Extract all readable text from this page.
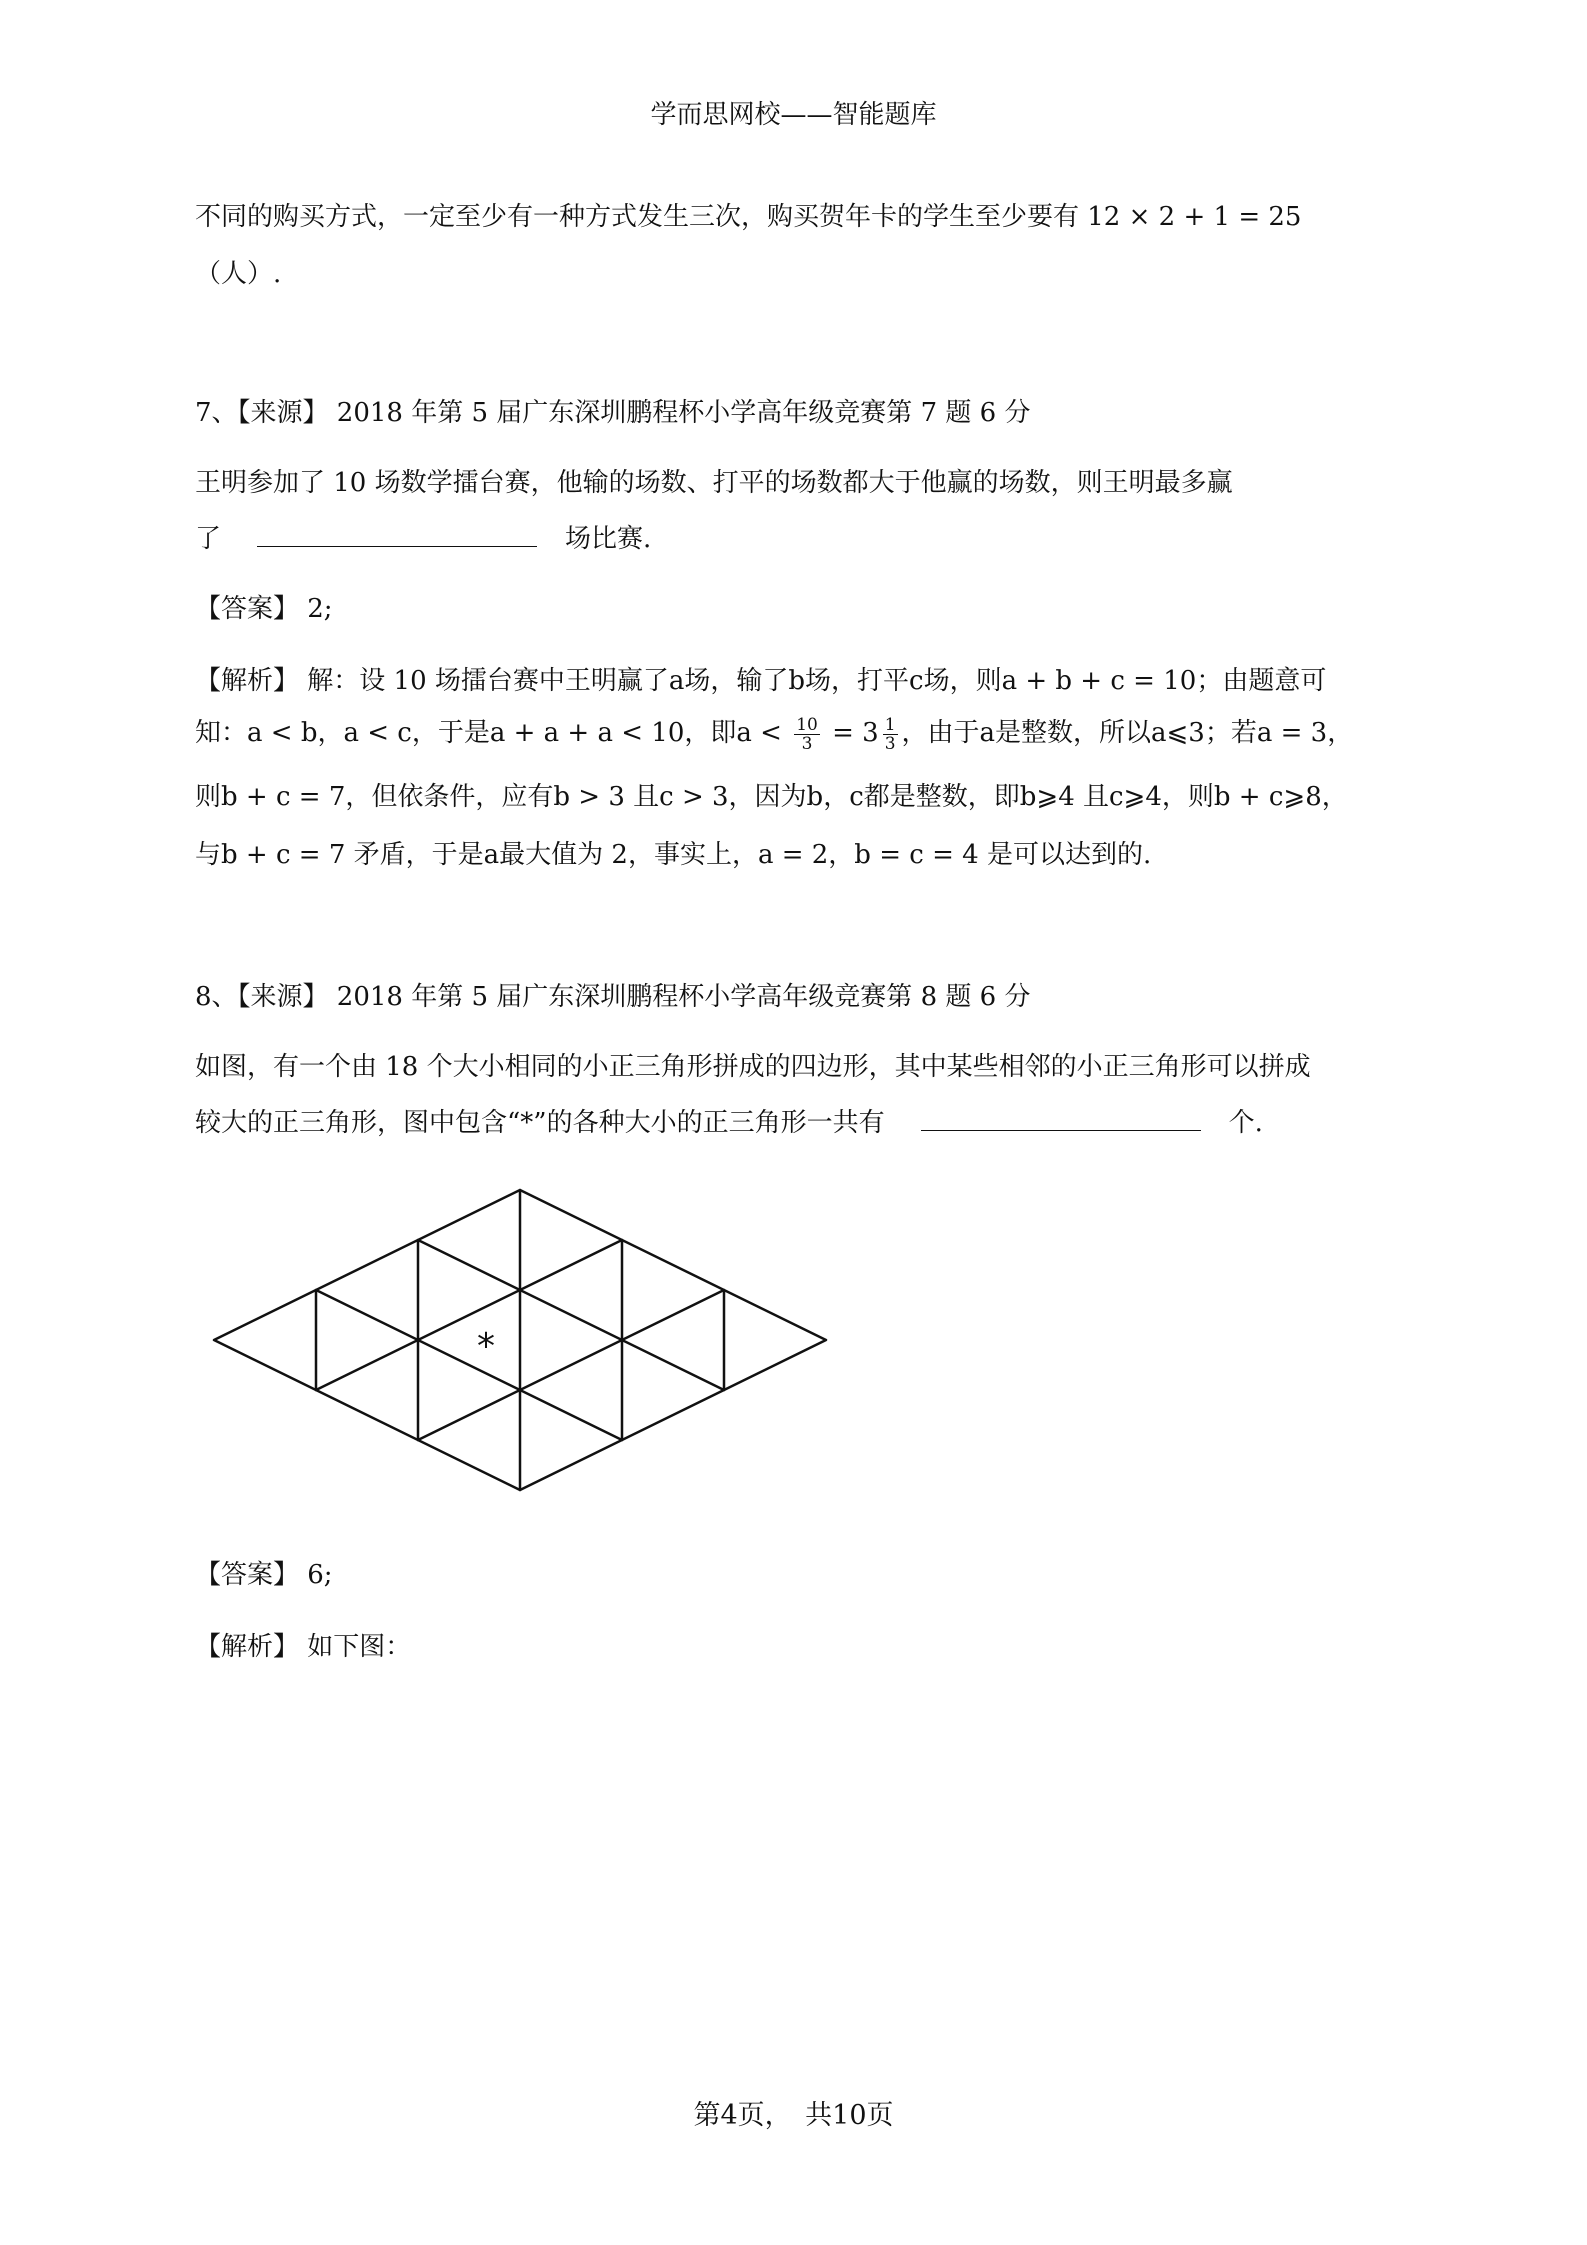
学而思网校——智能题库
不同的购买方式，一定至少有一种方式发生三次，购买贺年卡的学生至少要有 12 × 2 + 1 = 25
（人）.
7、【来源】 2018 年第 5 届广东深圳鹏程杯小学高年级竞赛第 7 题 6 分
王明参加了 10 场数学擂台赛，他输的场数、打平的场数都大于他赢的场数，则王明最多赢
了	场比赛.
【答案】 2;
【解析】 解：设 10 场擂台赛中王明赢了a场，输了b场，打平c场，则a + b + c = 10；由题意可
知：a < b，a < c，于是a + a + a < 10，即$a < \frac{10}{3} = 3 \frac{1}{3}$ ，由于a是整数，所以a⩽3；若a = 3，
则b + c = 7，但依条件，应有b > 3 且c > 3，因为b，c都是整数，即b⩾4 且c⩾4，则b + c⩾8，
与b + c = 7 矛盾，于是a最大值为 2，事实上，a = 2，b = c = 4 是可以达到的.
8、【来源】 2018 年第 5 届广东深圳鹏程杯小学高年级竞赛第 8 题 6 分
如图，有一个由 18 个大小相同的小正三角形拼成的四边形，其中某些相邻的小正三角形可以拼成
较大的正三角形，图中包含“*”的各种大小的正三角形一共有	个.
*
【答案】 6;
【解析】 如下图：
第4页，　共10页
